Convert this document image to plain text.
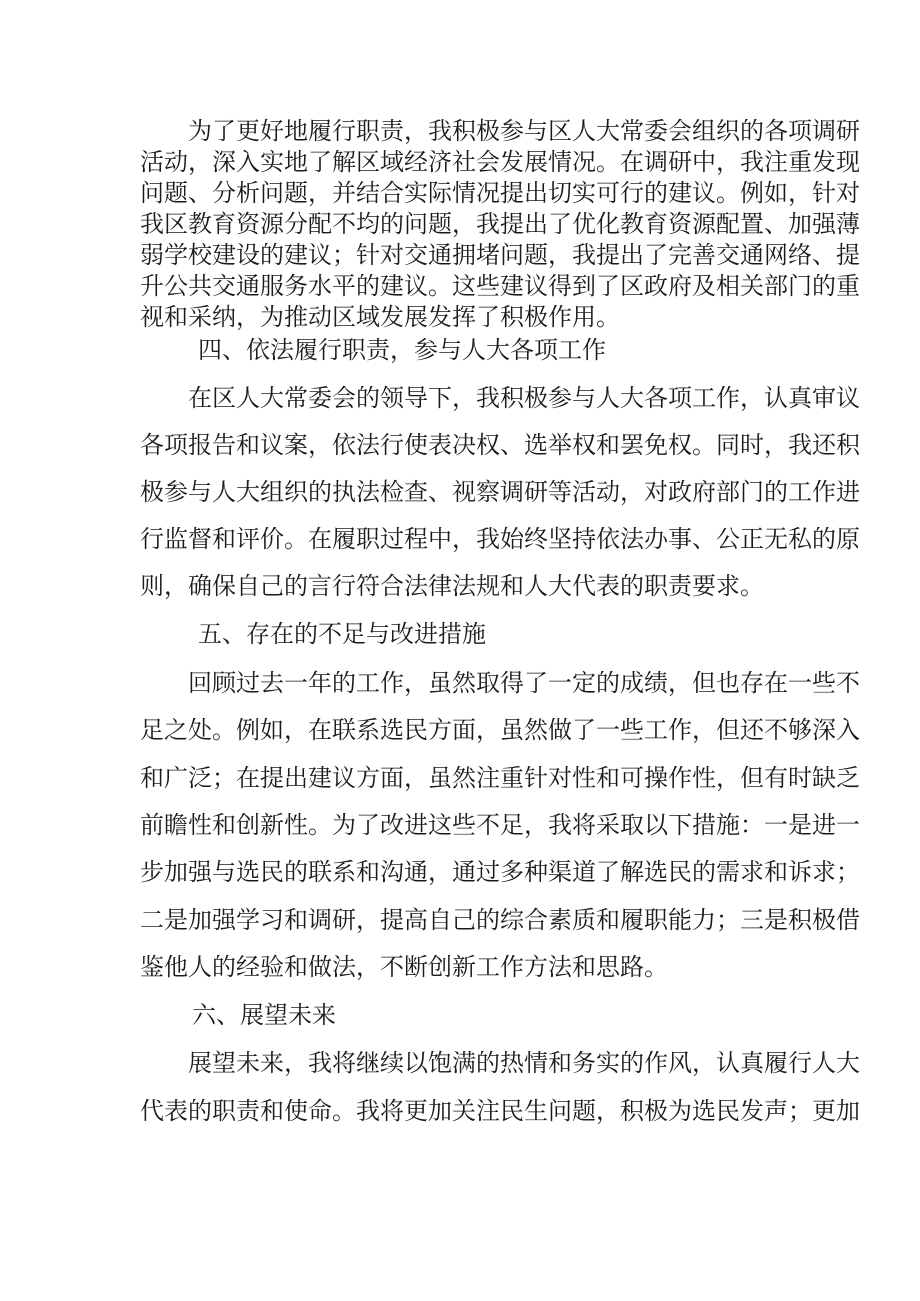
为了更好地履行职责，我积极参与区人大常委会组织的各项调研
活动，深入实地了解区域经济社会发展情况。在调研中，我注重发现
问题、分析问题，并结合实际情况提出切实可行的建议。例如，针对
我区教育资源分配不均的问题，我提出了优化教育资源配置、加强薄
弱学校建设的建议；针对交通拥堵问题，我提出了完善交通网络、提
升公共交通服务水平的建议。这些建议得到了区政府及相关部门的重
视和采纳，为推动区域发展发挥了积极作用。
四、依法履行职责，参与人大各项工作
在区人大常委会的领导下，我积极参与人大各项工作，认真审议
各项报告和议案，依法行使表决权、选举权和罢免权。同时，我还积
极参与人大组织的执法检查、视察调研等活动，对政府部门的工作进
行监督和评价。在履职过程中，我始终坚持依法办事、公正无私的原
则，确保自己的言行符合法律法规和人大代表的职责要求。
五、存在的不足与改进措施
回顾过去一年的工作，虽然取得了一定的成绩，但也存在一些不
足之处。例如，在联系选民方面，虽然做了一些工作，但还不够深入
和广泛；在提出建议方面，虽然注重针对性和可操作性，但有时缺乏
前瞻性和创新性。为了改进这些不足，我将采取以下措施：一是进一
步加强与选民的联系和沟通，通过多种渠道了解选民的需求和诉求；
二是加强学习和调研，提高自己的综合素质和履职能力；三是积极借
鉴他人的经验和做法，不断创新工作方法和思路。
六、展望未来
展望未来，我将继续以饱满的热情和务实的作风，认真履行人大
代表的职责和使命。我将更加关注民生问题，积极为选民发声；更加
